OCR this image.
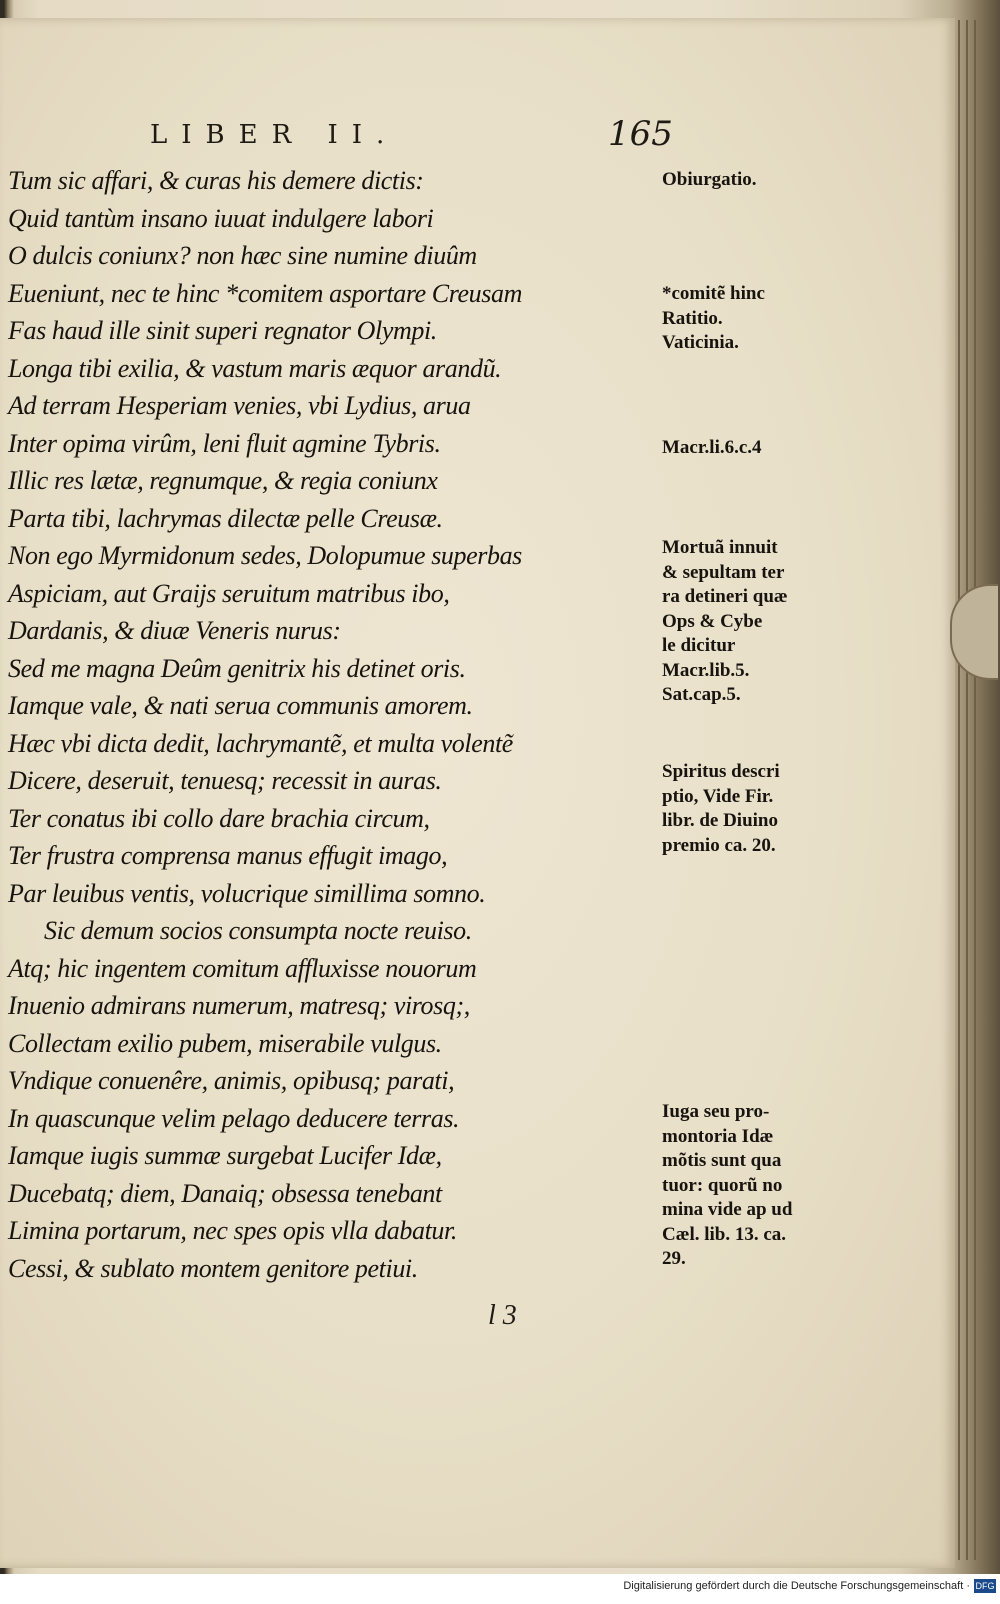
LIBER II.	165
Tum sic affari, & curas his demere dictis:
Quid tantùm insano iuuat indulgere labori
O dulcis coniunx? non hæc sine numine diuûm
Eueniunt, nec te hinc *comitem asportare Creusam
Fas haud ille sinit superi regnator Olympi.
Longa tibi exilia, & vastum maris æquor arandũ.
Ad terram Hesperiam venies, vbi Lydius, arua
Inter opima virûm, leni fluit agmine Tybris.
Illic res lætæ, regnumque, & regia coniunx
Parta tibi, lachrymas dilectæ pelle Creusæ.
Non ego Myrmidonum sedes, Dolopumue superbas
Aspiciam, aut Graijs seruitum matribus ibo,
Dardanis, & diuæ Veneris nurus:
Sed me magna Deûm genitrix his detinet oris.
Iamque vale, & nati serua communis amorem.
Hæc vbi dicta dedit, lachrymantẽ, et multa volentẽ
Dicere, deseruit, tenuesq; recessit in auras.
Ter conatus ibi collo dare brachia circum,
Ter frustra comprensa manus effugit imago,
Par leuibus ventis, volucrique simillima somno.
Sic demum socios consumpta nocte reuiso.
Atq; hic ingentem comitum affluxisse nouorum
Inuenio admirans numerum, matresq; virosq;,
Collectam exilio pubem, miserabile vulgus.
Vndique conuenêre, animis, opibusq; parati,
In quascunque velim pelago deducere terras.
Iamque iugis summæ surgebat Lucifer Idæ,
Ducebatq; diem, Danaiq; obsessa tenebant
Limina portarum, nec spes opis vlla dabatur.
Cessi, & sublato montem genitore petiui.
Obiurgatio.
*comitẽ hinc
Ratitio.
Vaticinia.
Macr.li.6.c.4
Mortuã innuit
& sepultam ter
ra detineri quæ
Ops & Cybe
le dicitur
Macr.lib.5.
Sat.cap.5.
Spiritus descri
ptio, Vide Fir.
libr. de Diuino
premio ca. 20.
Iuga seu pro-
montoria Idæ
mõtis sunt qua
tuor: quorũ no
mina vide ap ud
Cæl. lib. 13. ca.
29.
l 3
Digitalisierung gefördert durch die Deutsche Forschungsgemeinschaft · DFG
